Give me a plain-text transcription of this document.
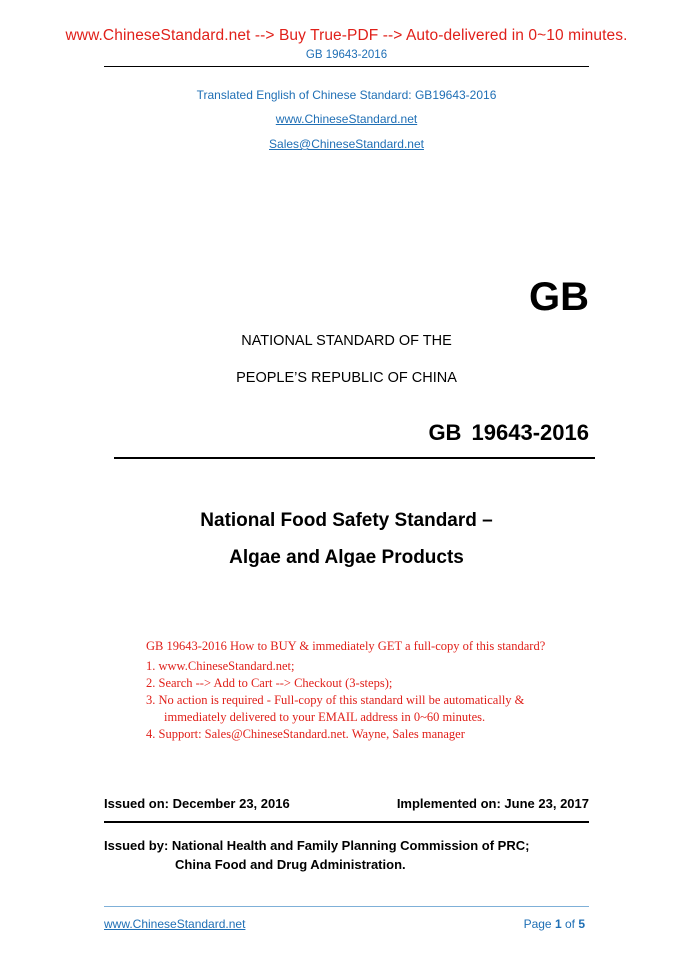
www.ChineseStandard.net --> Buy True-PDF --> Auto-delivered in 0~10 minutes.
GB 19643-2016
Translated English of Chinese Standard: GB19643-2016
www.ChineseStandard.net
Sales@ChineseStandard.net
GB
NATIONAL STANDARD OF THE
PEOPLE’S REPUBLIC OF CHINA
GB 19643-2016
National Food Safety Standard –
Algae and Algae Products
GB 19643-2016 How to BUY & immediately GET a full-copy of this standard?
1. www.ChineseStandard.net;
2. Search --> Add to Cart --> Checkout (3-steps);
3. No action is required - Full-copy of this standard will be automatically & immediately delivered to your EMAIL address in 0~60 minutes.
4. Support: Sales@ChineseStandard.net. Wayne, Sales manager
Issued on: December 23, 2016	Implemented on: June 23, 2017
Issued by: National Health and Family Planning Commission of PRC;
China Food and Drug Administration.
www.ChineseStandard.net	Page 1 of 5
